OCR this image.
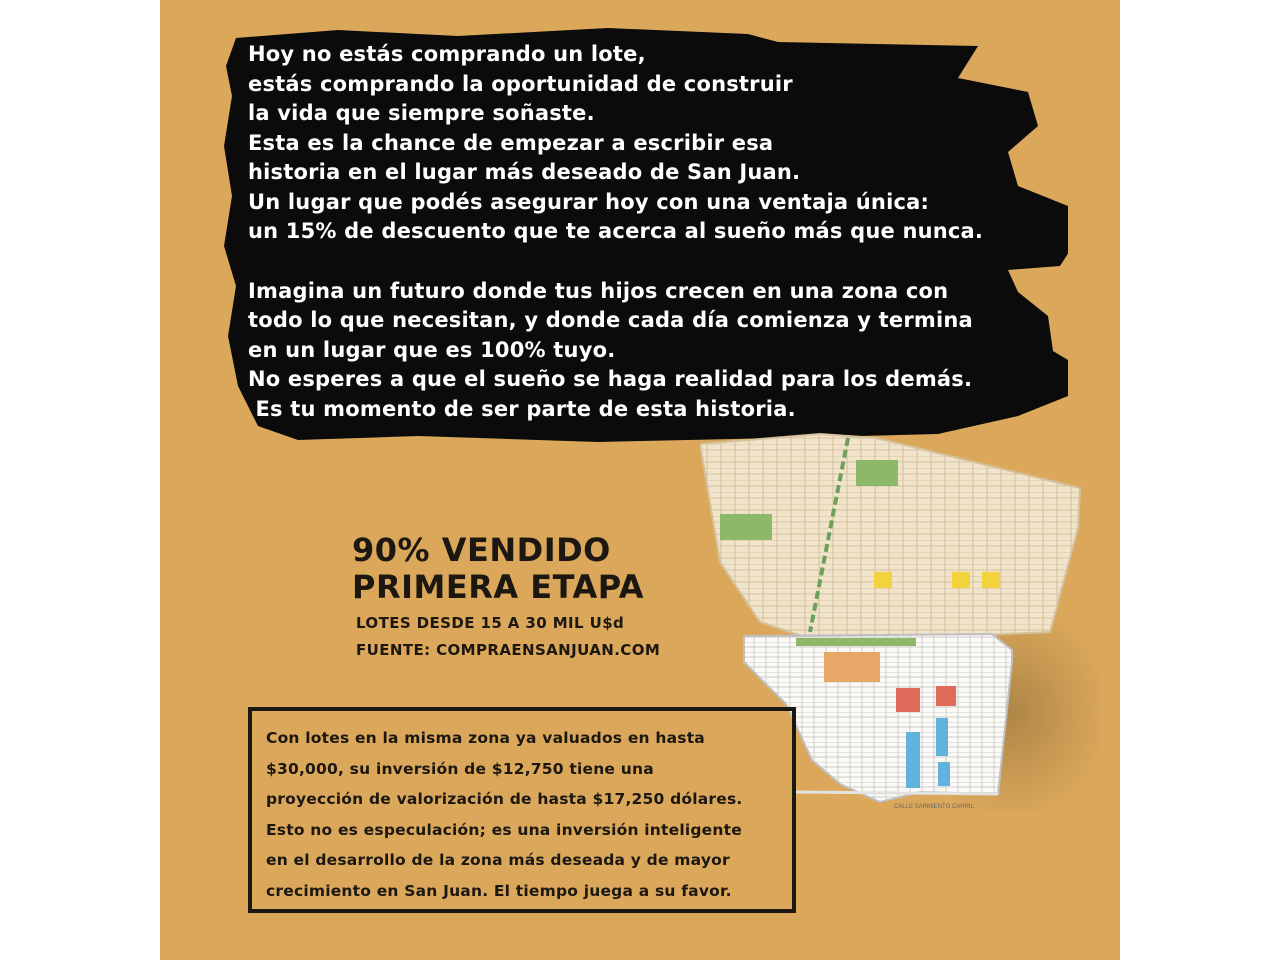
Hoy no estás comprando un lote,
estás comprando la oportunidad de construir
la vida que siempre soñaste.
Esta es la chance de empezar a escribir esa
historia en el lugar más deseado de San Juan.
Un lugar que podés asegurar hoy con una ventaja única:
un 15% de descuento que te acerca al sueño más que nunca.
Imagina un futuro donde tus hijos crecen en una zona con
todo lo que necesitan, y donde cada día comienza y termina
en un lugar que es 100% tuyo.
No esperes a que el sueño se haga realidad para los demás.
Es tu momento de ser parte de esta historia.
CALLE SARMIENTO CARRIL
90% VENDIDO
PRIMERA ETAPA
LOTES DESDE 15 A 30 MIL U$d
FUENTE: COMPRAENSANJUAN.COM
Con lotes en la misma zona ya valuados en hasta
$30,000, su inversión de $12,750 tiene una
proyección de valorización de hasta $17,250 dólares.
Esto no es especulación; es una inversión inteligente
en el desarrollo de la zona más deseada y de mayor
crecimiento en San Juan. El tiempo juega a su favor.
